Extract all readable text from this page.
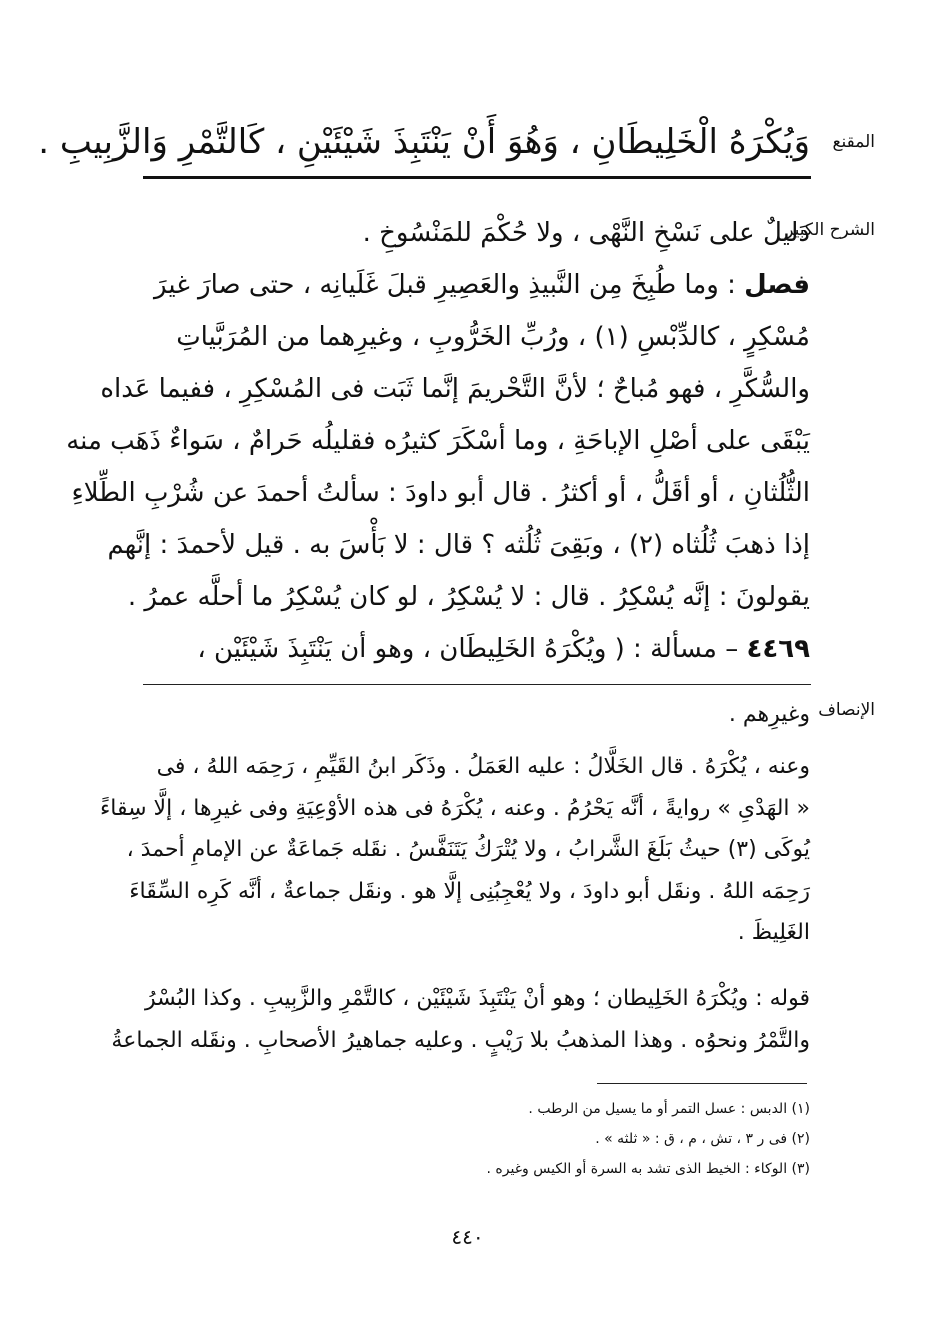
المقنع
وَيُكْرَهُ الْخَلِيطَانِ ، وَهُوَ أَنْ يَنْتَبِذَ شَيْئَيْنِ ، كَالتَّمْرِ وَالزَّبِيبِ .
الشرح الكبير
دَليلٌ على نَسْخِ النَّهْى ، ولا حُكْمَ للمَنْسُوخِ .
فصل : وما طُبِخَ مِن النَّبيذِ والعَصِيرِ قبلَ غَلَيانِه ، حتى صارَ غيرَ
مُسْكِرٍ ، كالدِّبْسِ (١) ، ورُبِّ الخَرُّوبِ ، وغيرِهما من المُرَبَّياتِ
والسُّكَّرِ ، فهو مُباحٌ ؛ لأنَّ التَّحْريمَ إنَّما ثَبَت فى المُسْكِرِ ، ففيما عَداه
يَبْقَى على أصْلِ الإباحَةِ ، وما أسْكَرَ كثيرُه فقليلُه حَرامٌ ، سَواءٌ ذَهَب منه
الثُّلُثانِ ، أو أقَلُّ ، أو أكثرُ . قال أبو داودَ : سألتُ أحمدَ عن شُرْبِ الطِّلاءِ
إذا ذهبَ ثُلُثاه (٢) ، وبَقِىَ ثُلُثه ؟ قال : لا بَأْسَ به . قيل لأحمدَ : إنَّهم
يقولونَ : إنَّه يُسْكِرُ . قال : لا يُسْكِرُ ، لو كان يُسْكِرُ ما أحلَّه عمرُ .
٤٤٦٩ – مسألة : ( ويُكْرَهُ الخَلِيطَان ، وهو أن يَنْتَبِذَ شَيْئَيْن ،
الإنصاف
وغيرِهم .
وعنه ، يُكْرَهُ . قال الخَلَّالُ : عليه العَمَلُ . وذَكَر ابنُ القَيِّمِ ، رَحِمَه اللهُ ، فى
« الهَدْىِ » روايةً ، أنَّه يَحْرُمُ . وعنه ، يُكْرَهُ فى هذه الأوْعِيَةِ وفى غيرِها ، إلَّا سِقاءً
يُوكَى (٣) حيثُ بَلَغَ الشَّرابُ ، ولا يُتْرَكُ يَتَنَفَّسُ . نقَله جَماعَةٌ عن الإمامِ أحمدَ ،
رَحِمَه اللهُ . ونقَل أبو داودَ ، ولا يُعْجِبُنِى إلَّا هو . ونقَل جماعةٌ ، أنَّه كَرِه السِّقَاءَ
الغَلِيظَ .
قوله : ويُكْرَهُ الخَلِيطان ؛ وهو أنْ يَنْتَبِذَ شَيْئَيْن ، كالتَّمْرِ والزَّبِيبِ . وكذا البُسْرُ
والتَّمْرُ ونحوُه . وهذا المذهبُ بلا رَيْبٍ . وعليه جماهيرُ الأصحابِ . ونقَله الجماعةُ
(١) الدبس : عسل التمر أو ما يسيل من الرطب .
(٢) فى ر ٣ ، تش ، م ، ق : « ثلثه » .
(٣) الوكاء : الخيط الذى تشد به السرة أو الكيس وغيره .
٤٤٠
